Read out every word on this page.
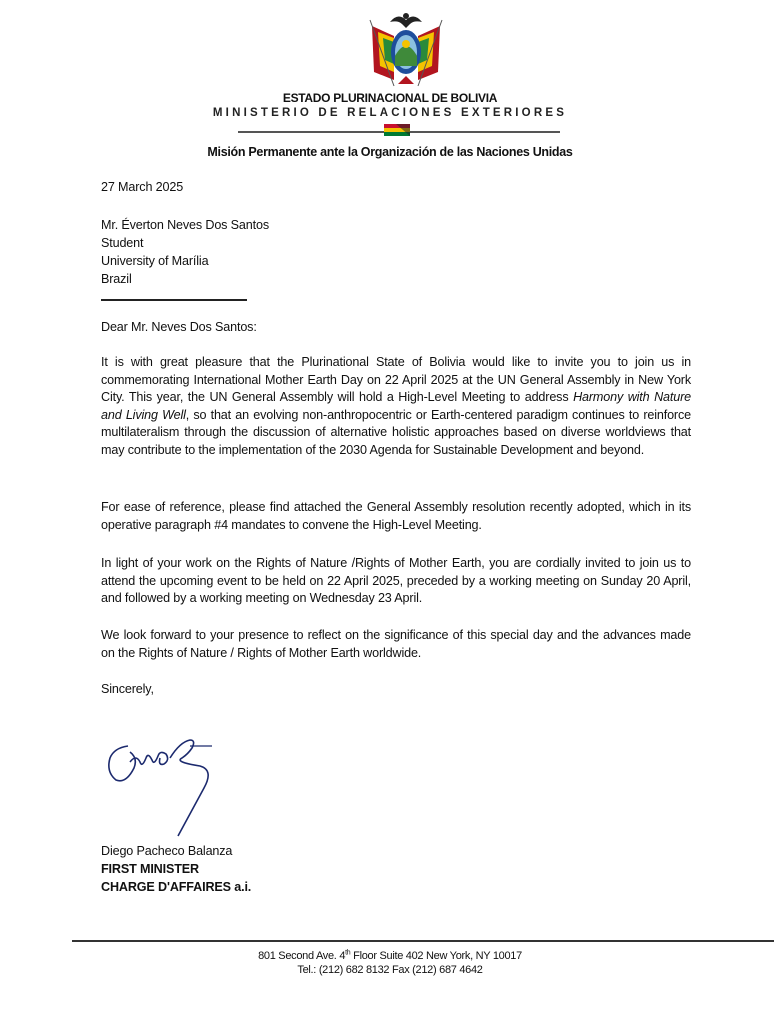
ESTADO PLURINACIONAL DE BOLIVIA
MINISTERIO DE RELACIONES EXTERIORES
Misión Permanente ante la Organización de las Naciones Unidas
27 March 2025
Mr. Éverton Neves Dos Santos
Student
University of Marília
Brazil
Dear Mr. Neves Dos Santos:
It is with great pleasure that the Plurinational State of Bolivia would like to invite you to join us in commemorating International Mother Earth Day on 22 April 2025 at the UN General Assembly in New York City. This year, the UN General Assembly will hold a High-Level Meeting to address Harmony with Nature and Living Well, so that an evolving non-anthropocentric or Earth-centered paradigm continues to reinforce multilateralism through the discussion of alternative holistic approaches based on diverse worldviews that may contribute to the implementation of the 2030 Agenda for Sustainable Development and beyond.
For ease of reference, please find attached the General Assembly resolution recently adopted, which in its operative paragraph #4 mandates to convene the High-Level Meeting.
In light of your work on the Rights of Nature /Rights of Mother Earth, you are cordially invited to join us to attend the upcoming event to be held on 22 April 2025, preceded by a working meeting on Sunday 20 April, and followed by a working meeting on Wednesday 23 April.
We look forward to your presence to reflect on the significance of this special day and the advances made on the Rights of Nature / Rights of Mother Earth worldwide.
Sincerely,
Diego Pacheco Balanza
FIRST MINISTER
CHARGE D'AFFAIRES a.i.
801 Second Ave. 4th Floor Suite 402 New York, NY 10017
Tel.: (212) 682 8132 Fax (212) 687 4642
